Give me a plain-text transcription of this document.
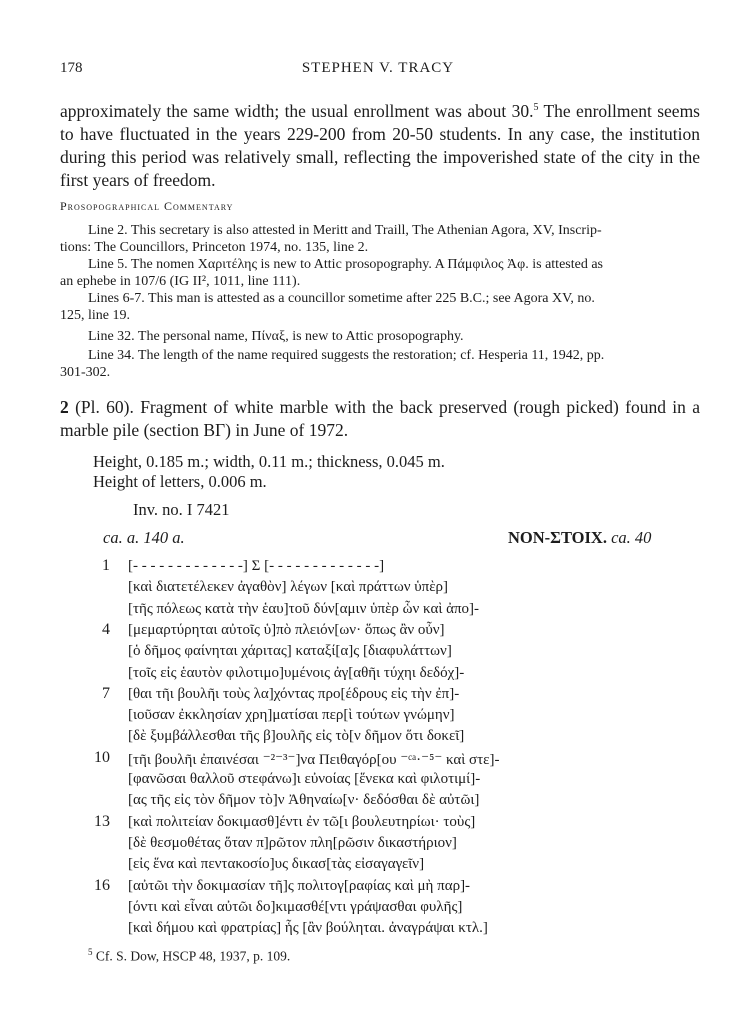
178	STEPHEN V. TRACY
approximately the same width; the usual enrollment was about 30.$^5$ The enrollment seems to have fluctuated in the years 229-200 from 20-50 students. In any case, the institution during this period was relatively small, reflecting the impoverished state of the city in the first years of freedom.
Prosopographical Commentary
Line 2. This secretary is also attested in Meritt and Traill, The Athenian Agora, XV, Inscrip-
tions: The Councillors, Princeton 1974, no. 135, line 2.
Line 5. The nomen Χαριτέλης is new to Attic prosopography. A Πάμφιλος Ἀφ. is attested as
an ephebe in 107/6 (IG II², 1011, line 111).
Lines 6-7. This man is attested as a councillor sometime after 225 B.C.; see Agora XV, no.
125, line 19.
Line 32. The personal name, Πίναξ, is new to Attic prosopography.
Line 34. The length of the name required suggests the restoration; cf. Hesperia 11, 1942, pp.
301-302.
2 (Pl. 60). Fragment of white marble with the back preserved (rough picked) found in a marble pile (section ΒΓ) in June of 1972.
Height, 0.185 m.; width, 0.11 m.; thickness, 0.045 m.
Height of letters, 0.006 m.
Inv. no. I 7421
ca. a. 140 a.	NON-ΣΤΟΙΧ. ca. 40
1
4
7
10
13
16
[- - - - - - - - - - - - -] Σ [- - - - - - - - - - - - -]
[καὶ διατετέλεκεν ἀγαθὸν] λέγων [καὶ πράττων ὑπὲρ]
[τῆς πόλεως κατὰ τὴν ἑαυ]τοῦ δύν[αμιν ὑπὲρ ὧν καὶ ἀπο]-
[μεμαρτύρηται αὐτοῖς ὑ]πὸ πλειόν[ων· ὅπως ἂν οὖν]
[ὁ δῆμος φαίνηται χάριτας] καταξί[α]ς [διαφυλάττων]
[τοῖς εἰς ἑαυτὸν φιλοτιμο]υμένοις ἀγ[αθῆι τύχηι δεδόχ]-
[θαι τῆι βουλῆι τοὺς λα]χόντας προ[έδρους εἰς τὴν ἐπ]-
[ιοῦσαν ἐκκλησίαν χρη]ματίσαι περ[ὶ τούτων γνώμην]
[δὲ ξυμβάλλεσθαι τῆς β]ουλῆς εἰς τὸ[ν δῆμον ὅτι δοκεῖ]
[τῆι βουλῆι ἐπαινέσαι ⁻²⁻³⁻]να Πειθαγόρ[ου ⁻ᶜᵃ·⁻⁵⁻ καὶ στε]-
[φανῶσαι θαλλοῦ στεφάνω]ι εὐνοίας [ἕνεκα καὶ φιλοτιμί]-
[ας τῆς εἰς τὸν δῆμον τὸ]ν Ἀθηναίω[ν· δεδόσθαι δὲ αὐτῶι]
[καὶ πολιτείαν δοκιμασθ]έντι ἐν τῶ[ι βουλευτηρίωι· τοὺς]
[δὲ θεσμοθέτας ὅταν π]ρῶτον πλη[ρῶσιν δικαστήριον]
[εἰς ἕνα καὶ πεντακοσίο]υς δικασ[τὰς εἰσαγαγεῖν]
[αὐτῶι τὴν δοκιμασίαν τῆ]ς πολιτογ[ραφίας καὶ μὴ παρ]-
[όντι καὶ εἶναι αὐτῶι δο]κιμασθέ[ντι γράψασθαι φυλῆς]
[καὶ δήμου καὶ φρατρίας] ἧς [ἂν βούληται. ἀναγράψαι κτλ.]
$^5$ Cf. S. Dow, HSCP 48, 1937, p. 109.
